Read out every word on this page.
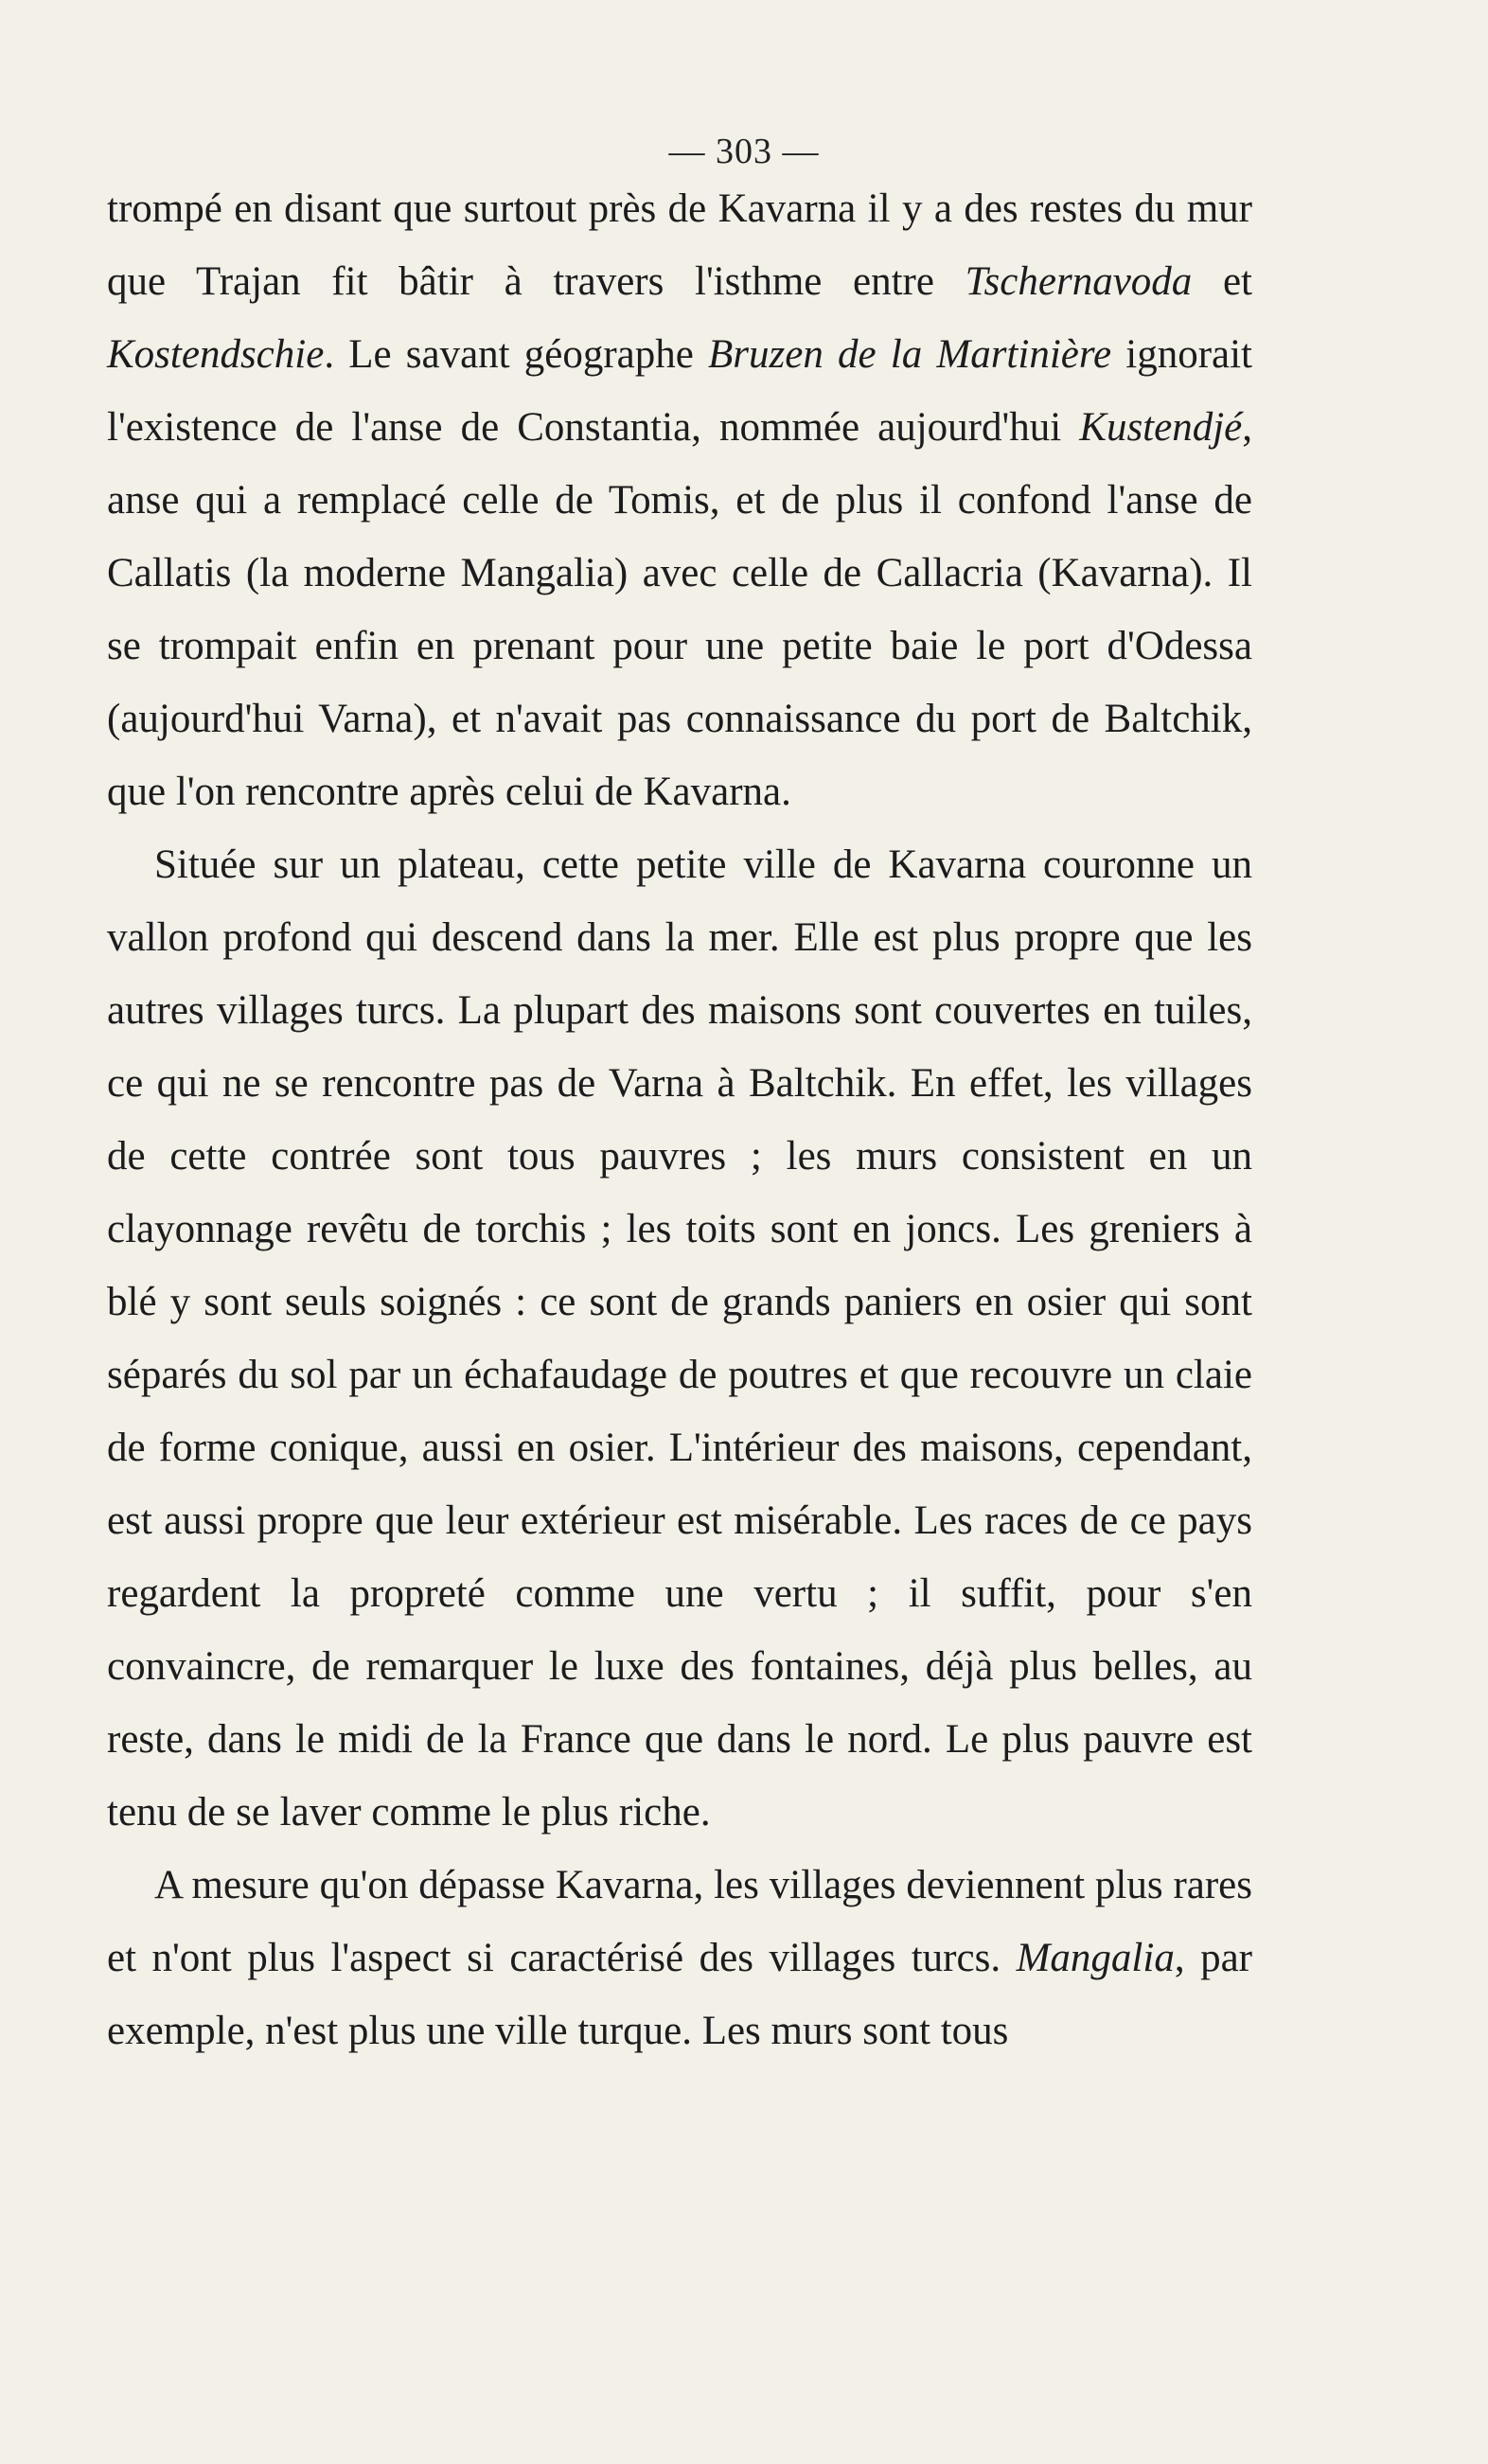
— 303 —

trompé en disant que surtout près de Kavarna il y a des restes du mur que Trajan fit bâtir à travers l'isthme entre Tschernavoda et Kostendschie. Le savant géographe Bruzen de la Martinière ignorait l'existence de l'anse de Constantia, nommée aujourd'hui Kustendjé, anse qui a remplacé celle de Tomis, et de plus il confond l'anse de Callatis (la moderne Mangalia) avec celle de Callacria (Kavarna). Il se trompait enfin en prenant pour une petite baie le port d'Odessa (aujourd'hui Varna), et n'avait pas connaissance du port de Baltchik, que l'on rencontre après celui de Kavarna.

Située sur un plateau, cette petite ville de Kavarna couronne un vallon profond qui descend dans la mer. Elle est plus propre que les autres villages turcs. La plupart des maisons sont couvertes en tuiles, ce qui ne se rencontre pas de Varna à Baltchik. En effet, les villages de cette contrée sont tous pauvres ; les murs consistent en un clayonnage revêtu de torchis ; les toits sont en joncs. Les greniers à blé y sont seuls soignés : ce sont de grands paniers en osier qui sont séparés du sol par un échafaudage de poutres et que recouvre un claie de forme conique, aussi en osier. L'intérieur des maisons, cependant, est aussi propre que leur extérieur est misérable. Les races de ce pays regardent la propreté comme une vertu ; il suffit, pour s'en convaincre, de remarquer le luxe des fontaines, déjà plus belles, au reste, dans le midi de la France que dans le nord. Le plus pauvre est tenu de se laver comme le plus riche.

A mesure qu'on dépasse Kavarna, les villages deviennent plus rares et n'ont plus l'aspect si caractérisé des villages turcs. Mangalia, par exemple, n'est plus une ville turque. Les murs sont tous
